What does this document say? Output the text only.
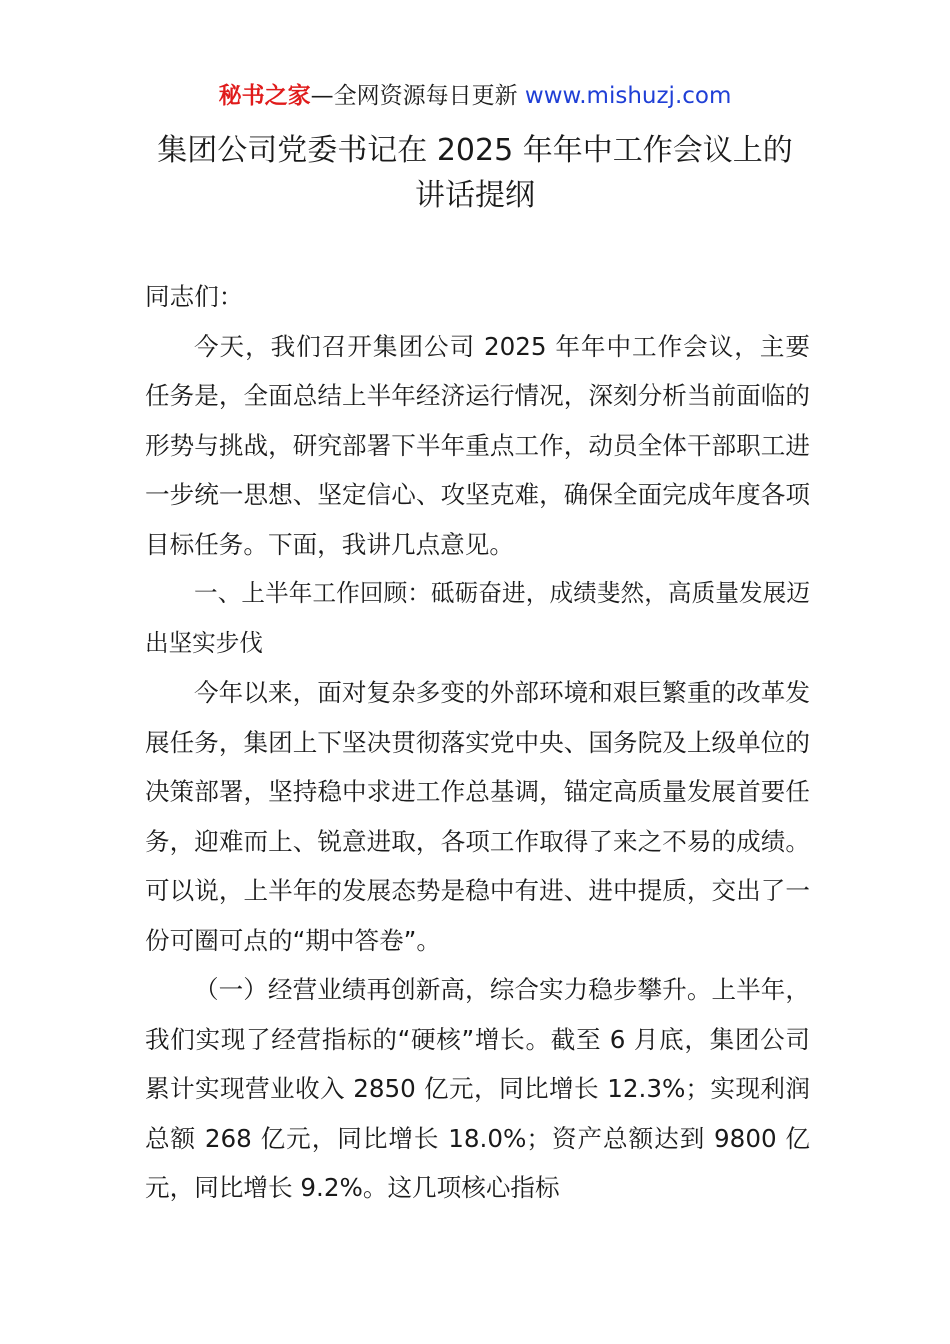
秘书之家—全网资源每日更新 www.mishuzj.com
集团公司党委书记在 2025 年年中工作会议上的
讲话提纲

同志们：

今天，我们召开集团公司 2025 年年中工作会议，主要任务是，全面总结上半年经济运行情况，深刻分析当前面临的形势与挑战，研究部署下半年重点工作，动员全体干部职工进一步统一思想、坚定信心、攻坚克难，确保全面完成年度各项目标任务。下面，我讲几点意见。

一、上半年工作回顾：砥砺奋进，成绩斐然，高质量发展迈出坚实步伐

今年以来，面对复杂多变的外部环境和艰巨繁重的改革发展任务，集团上下坚决贯彻落实党中央、国务院及上级单位的决策部署，坚持稳中求进工作总基调，锚定高质量发展首要任务，迎难而上、锐意进取，各项工作取得了来之不易的成绩。可以说，上半年的发展态势是稳中有进、进中提质，交出了一份可圈可点的“期中答卷”。

（一）经营业绩再创新高，综合实力稳步攀升。上半年，我们实现了经营指标的“硬核”增长。截至 6 月底，集团公司累计实现营业收入 2850 亿元，同比增长 12.3%；实现利润总额 268 亿元，同比增长 18.0%；资产总额达到 9800 亿元，同比增长 9.2%。这几项核心指标
